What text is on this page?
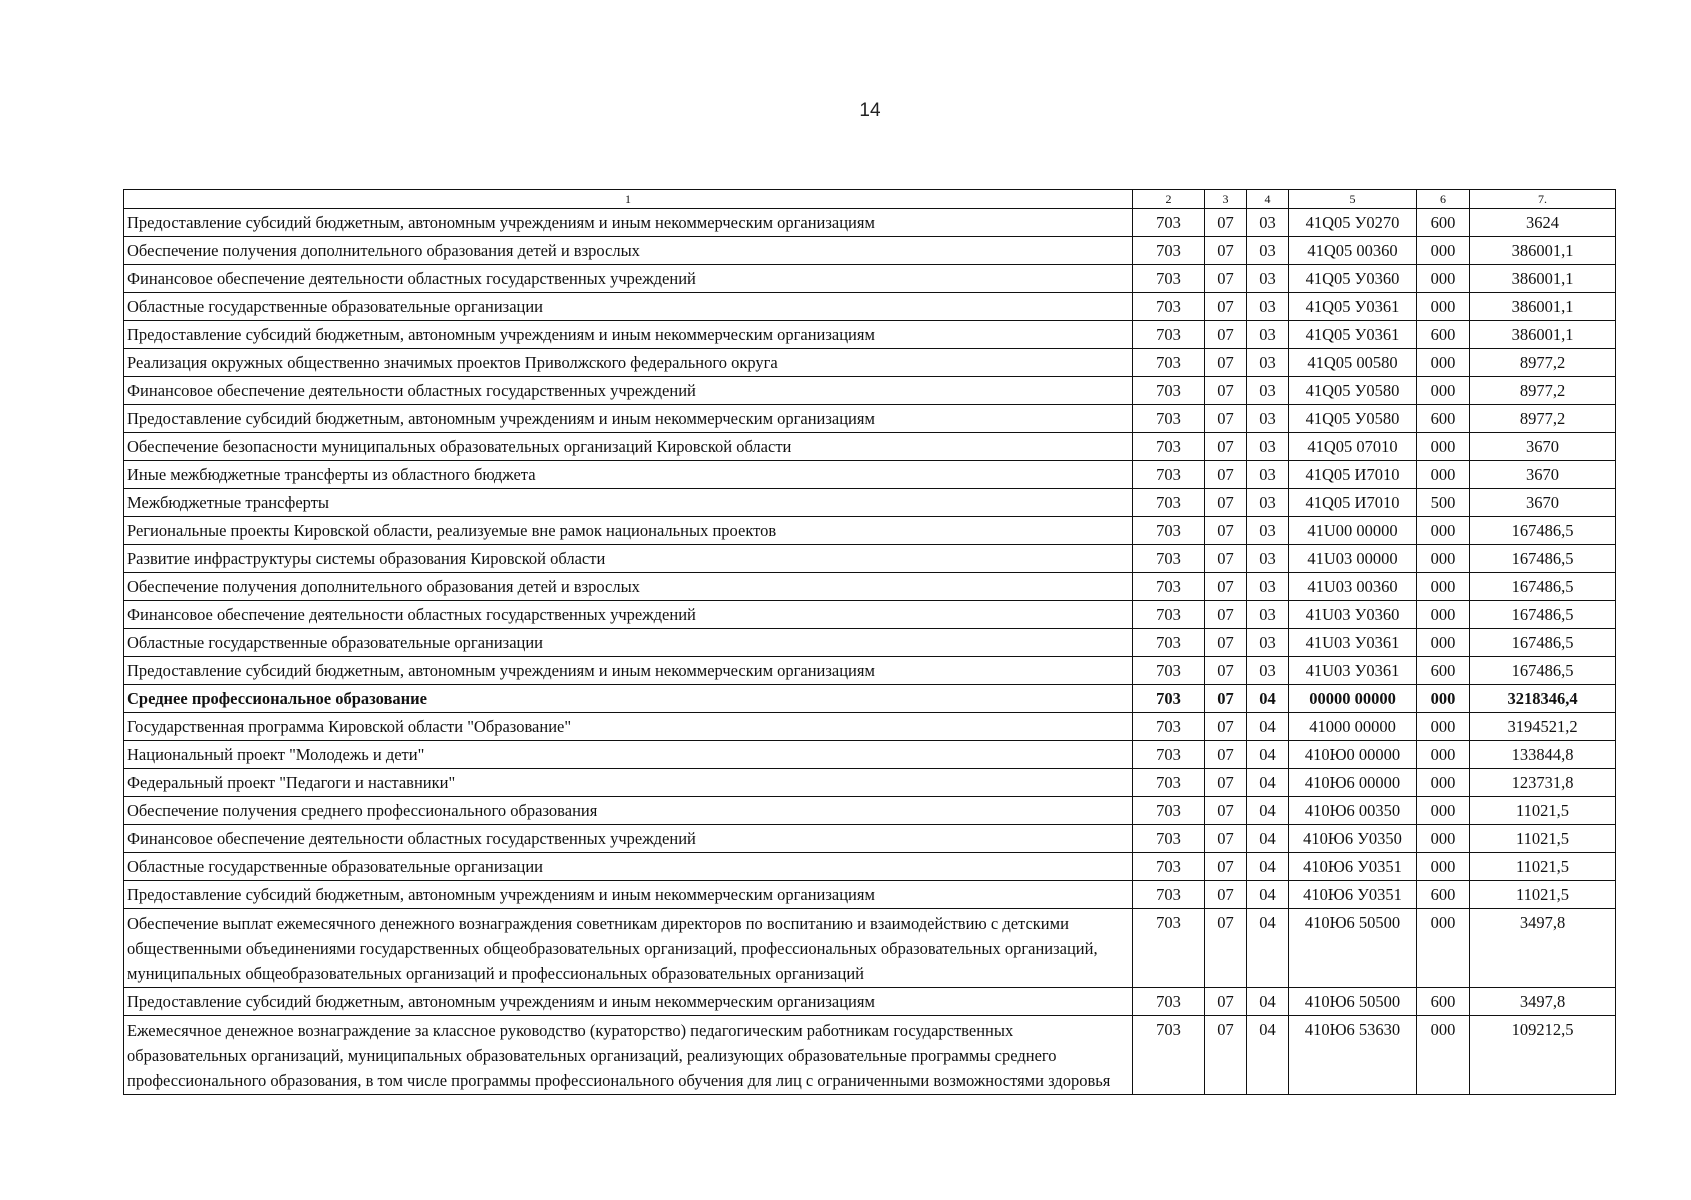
14
1	2	3	4	5	6	7.
Предоставление субсидий бюджетным, автономным учреждениям и иным некоммерческим организациям	703	07	03	41Q05 У0270	600	3624
Обеспечение получения дополнительного образования детей и взрослых	703	07	03	41Q05 00360	000	386001,1
Финансовое обеспечение деятельности областных государственных учреждений	703	07	03	41Q05 У0360	000	386001,1
Областные государственные образовательные организации	703	07	03	41Q05 У0361	000	386001,1
Предоставление субсидий бюджетным, автономным учреждениям и иным некоммерческим организациям	703	07	03	41Q05 У0361	600	386001,1
Реализация окружных общественно значимых проектов Приволжского федерального округа	703	07	03	41Q05 00580	000	8977,2
Финансовое обеспечение деятельности областных государственных учреждений	703	07	03	41Q05 У0580	000	8977,2
Предоставление субсидий бюджетным, автономным учреждениям и иным некоммерческим организациям	703	07	03	41Q05 У0580	600	8977,2
Обеспечение безопасности муниципальных образовательных организаций Кировской области	703	07	03	41Q05 07010	000	3670
Иные межбюджетные трансферты из областного бюджета	703	07	03	41Q05 И7010	000	3670
Межбюджетные трансферты	703	07	03	41Q05 И7010	500	3670
Региональные проекты Кировской области, реализуемые вне рамок национальных проектов	703	07	03	41U00 00000	000	167486,5
Развитие инфраструктуры системы образования Кировской области	703	07	03	41U03 00000	000	167486,5
Обеспечение получения дополнительного образования детей и взрослых	703	07	03	41U03 00360	000	167486,5
Финансовое обеспечение деятельности областных государственных учреждений	703	07	03	41U03 У0360	000	167486,5
Областные государственные образовательные организации	703	07	03	41U03 У0361	000	167486,5
Предоставление субсидий бюджетным, автономным учреждениям и иным некоммерческим организациям	703	07	03	41U03 У0361	600	167486,5
Среднее профессиональное образование	703	07	04	00000 00000	000	3218346,4
Государственная программа Кировской области "Образование"	703	07	04	41000 00000	000	3194521,2
Национальный проект "Молодежь и дети"	703	07	04	410Ю0 00000	000	133844,8
Федеральный проект "Педагоги и наставники"	703	07	04	410Ю6 00000	000	123731,8
Обеспечение получения среднего профессионального образования	703	07	04	410Ю6 00350	000	11021,5
Финансовое обеспечение деятельности областных государственных учреждений	703	07	04	410Ю6 У0350	000	11021,5
Областные государственные образовательные организации	703	07	04	410Ю6 У0351	000	11021,5
Предоставление субсидий бюджетным, автономным учреждениям и иным некоммерческим организациям	703	07	04	410Ю6 У0351	600	11021,5
Обеспечение выплат ежемесячного денежного вознаграждения советникам директоров по воспитанию и взаимодействию с детскими общественными объединениями государственных общеобразовательных организаций, профессиональных образовательных организаций, муниципальных общеобразовательных организаций и профессиональных образовательных организаций	703	07	04	410Ю6 50500	000	3497,8
Предоставление субсидий бюджетным, автономным учреждениям и иным некоммерческим организациям	703	07	04	410Ю6 50500	600	3497,8
Ежемесячное денежное вознаграждение за классное руководство (кураторство) педагогическим работникам государственных образовательных организаций, муниципальных образовательных организаций, реализующих образовательные программы среднего профессионального образования, в том числе программы профессионального обучения для лиц с ограниченными возможностями здоровья	703	07	04	410Ю6 53630	000	109212,5
